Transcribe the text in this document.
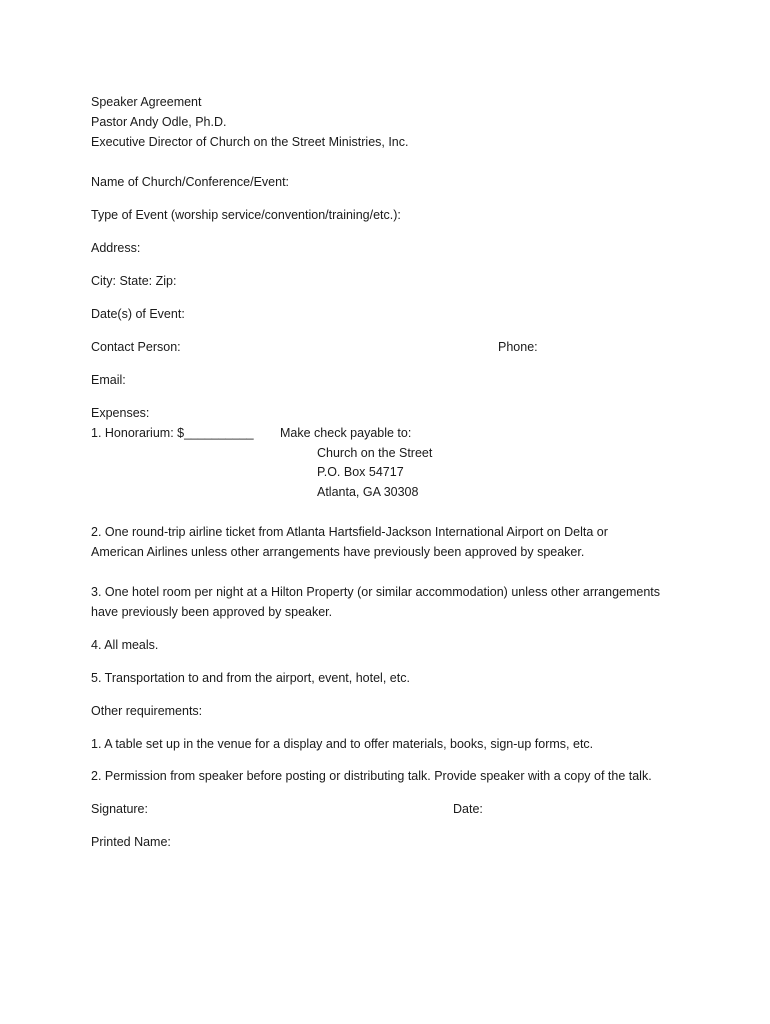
Speaker Agreement
Pastor Andy Odle, Ph.D.
Executive Director of Church on the Street Ministries, Inc.
Name of Church/Conference/Event:
Type of Event (worship service/convention/training/etc.):
Address:
City: State: Zip:
Date(s) of Event:
Contact Person:	Phone:
Email:
Expenses:
1. Honorarium: $__________ Make check payable to:
Church on the Street
P.O. Box 54717
Atlanta, GA 30308
2. One round-trip airline ticket from Atlanta Hartsfield-Jackson International Airport on Delta or
American Airlines unless other arrangements have previously been approved by speaker.
3. One hotel room per night at a Hilton Property (or similar accommodation) unless other arrangements
have previously been approved by speaker.
4. All meals.
5. Transportation to and from the airport, event, hotel, etc.
Other requirements:
1. A table set up in the venue for a display and to offer materials, books, sign-up forms, etc.
2. Permission from speaker before posting or distributing talk. Provide speaker with a copy of the talk.
Signature:	Date:
Printed Name:
